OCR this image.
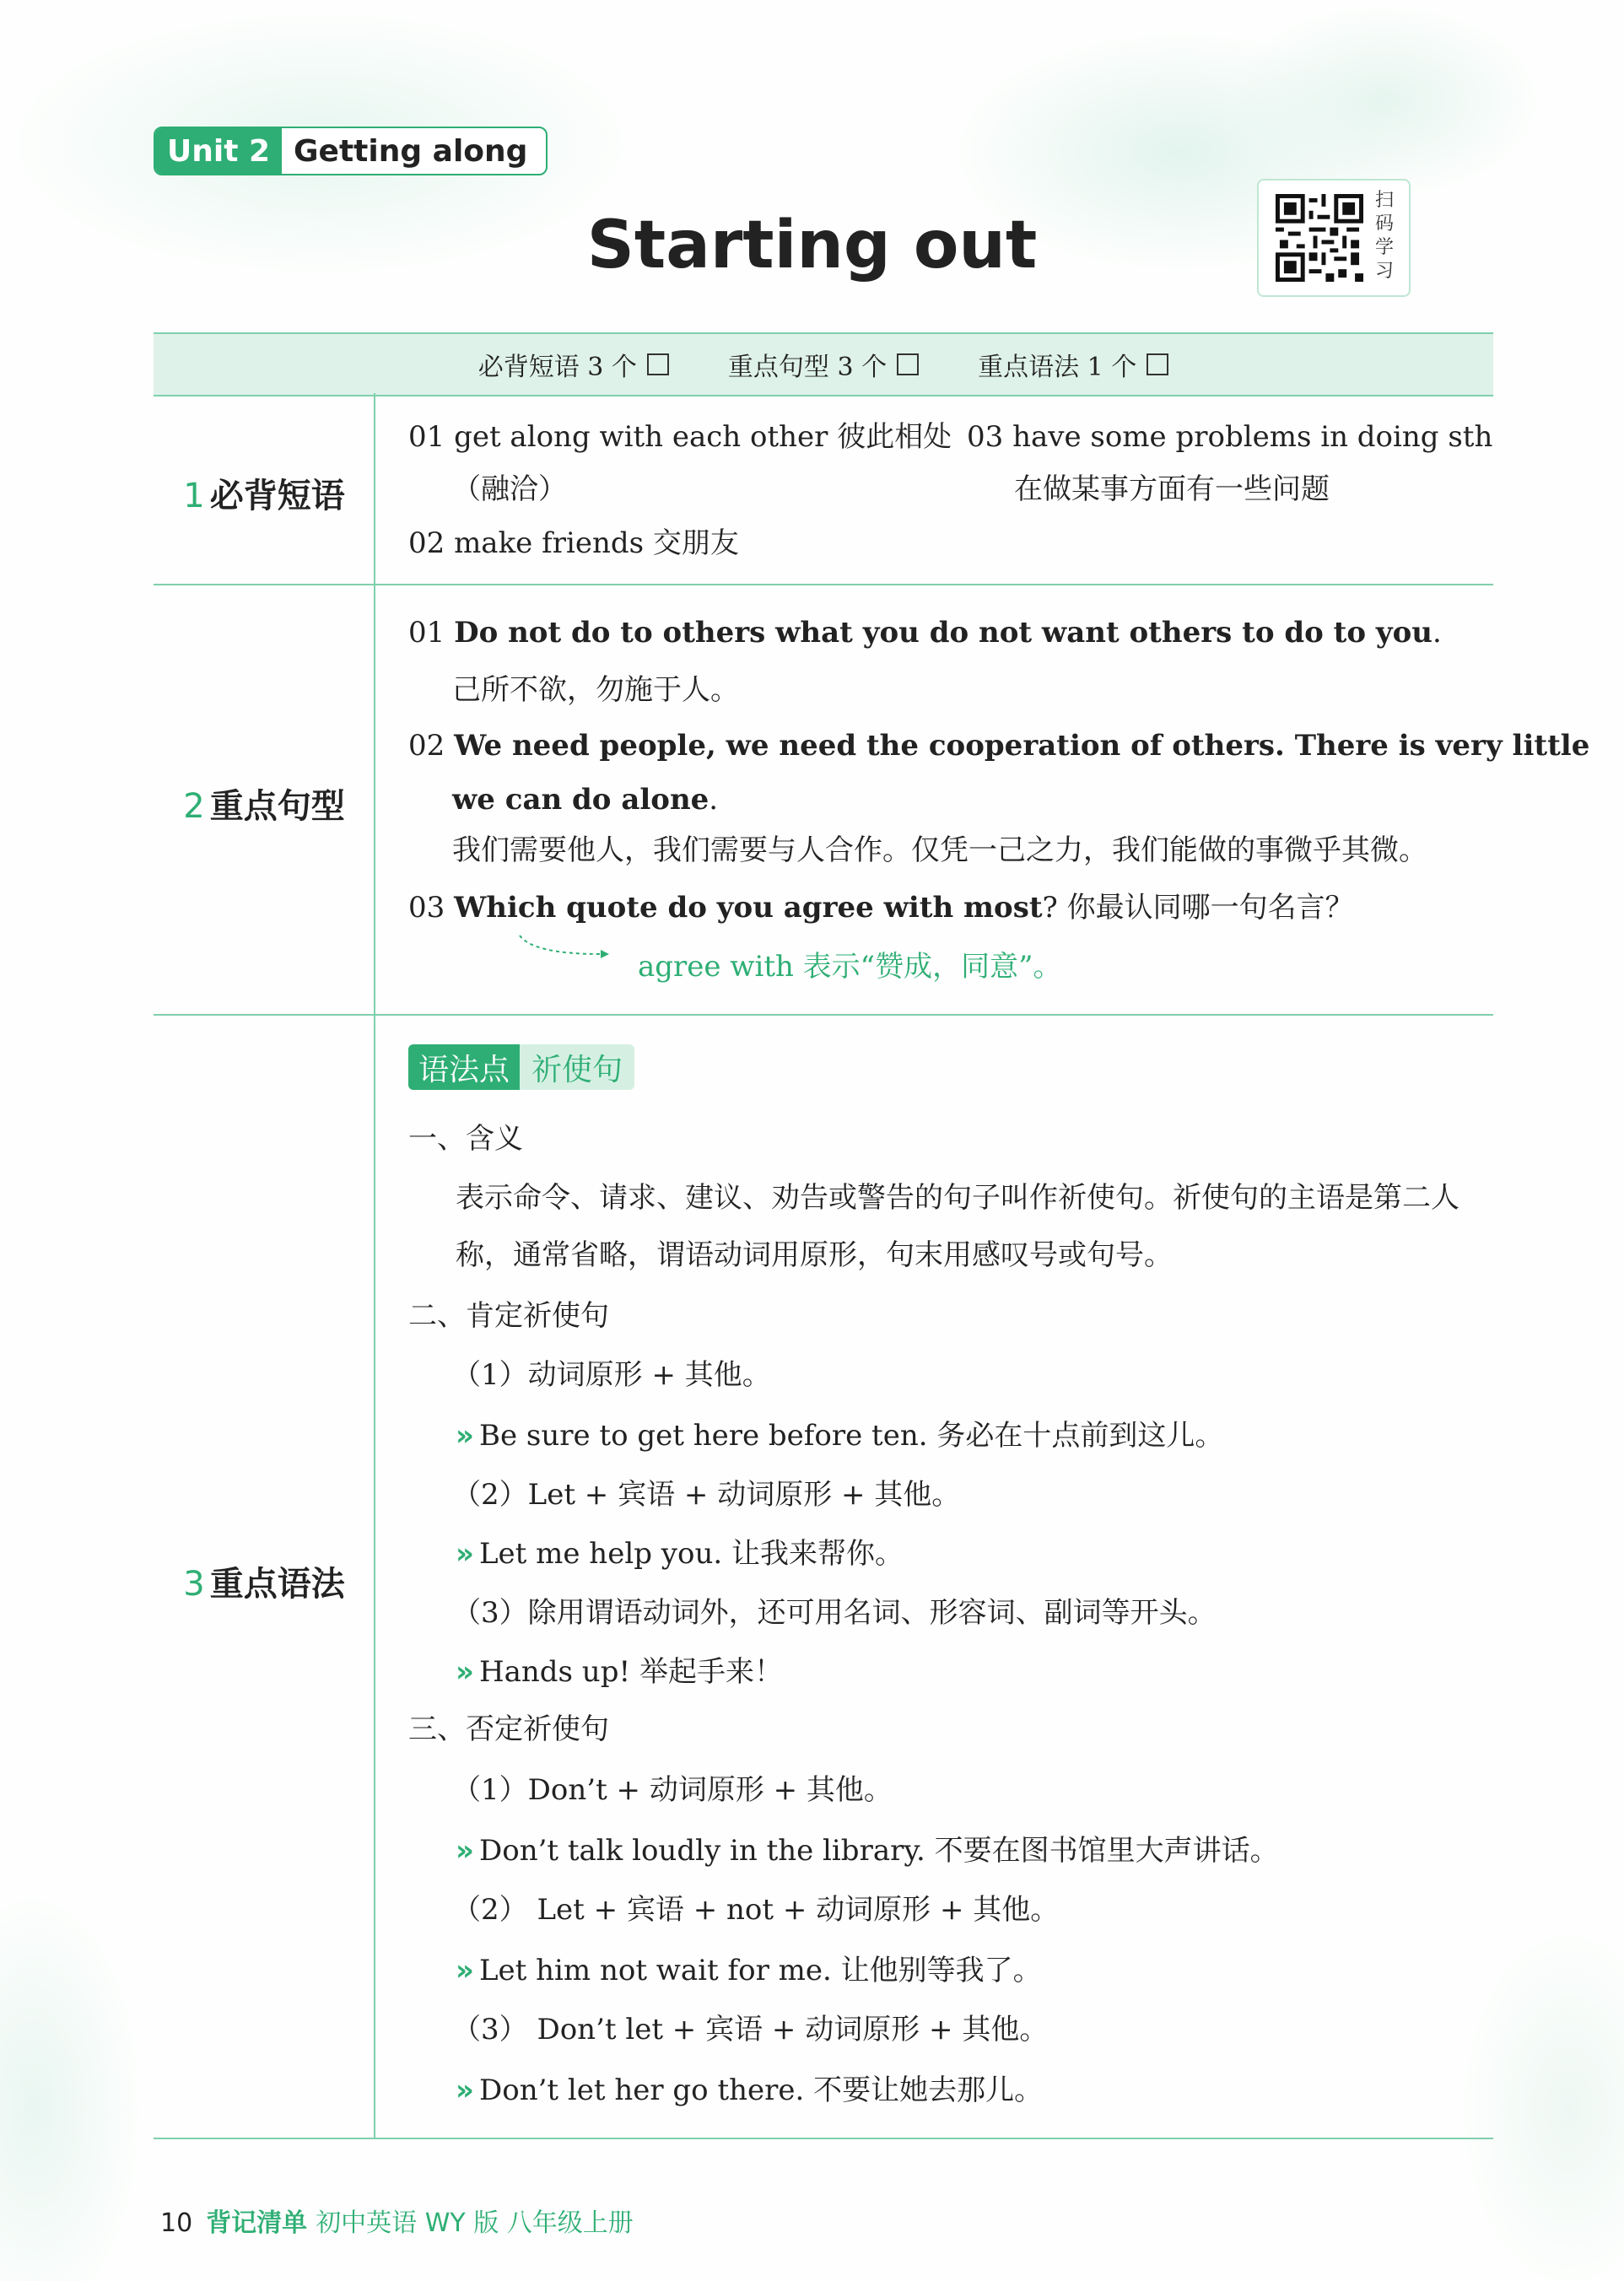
Unit 2 Getting along
Starting out
扫码学习
必背短语 3 个	重点句型 3 个	重点语法 1 个
1 必背短语
01 get along with each other 彼此相处
（融洽）
03 have some problems in doing sth
在做某事方面有一些问题
02 make friends 交朋友
2 重点句型
01 Do not do to others what you do not want others to do to you.
己所不欲，勿施于人。
02 We need people, we need the cooperation of others. There is very little
we can do alone.
我们需要他人，我们需要与人合作。仅凭一己之力，我们能做的事微乎其微。
03 Which quote do you agree with most? 你最认同哪一句名言？
agree with 表示“赞成，同意”。
3 重点语法
语法点 祈使句
一、含义
表示命令、请求、建议、劝告或警告的句子叫作祈使句。祈使句的主语是第二人
称，通常省略，谓语动词用原形，句末用感叹号或句号。
二、肯定祈使句
（1）动词原形 + 其他。
» Be sure to get here before ten. 务必在十点前到这儿。
（2）Let + 宾语 + 动词原形 + 其他。
» Let me help you. 让我来帮你。
（3）除用谓语动词外，还可用名词、形容词、副词等开头。
» Hands up! 举起手来！
三、否定祈使句
（1）Don’t + 动词原形 + 其他。
» Don’t talk loudly in the library. 不要在图书馆里大声讲话。
（2） Let + 宾语 + not + 动词原形 + 其他。
» Let him not wait for me. 让他别等我了。
（3） Don’t let + 宾语 + 动词原形 + 其他。
» Don’t let her go there. 不要让她去那儿。
10 背记清单 初中英语 WY 版 八年级上册
